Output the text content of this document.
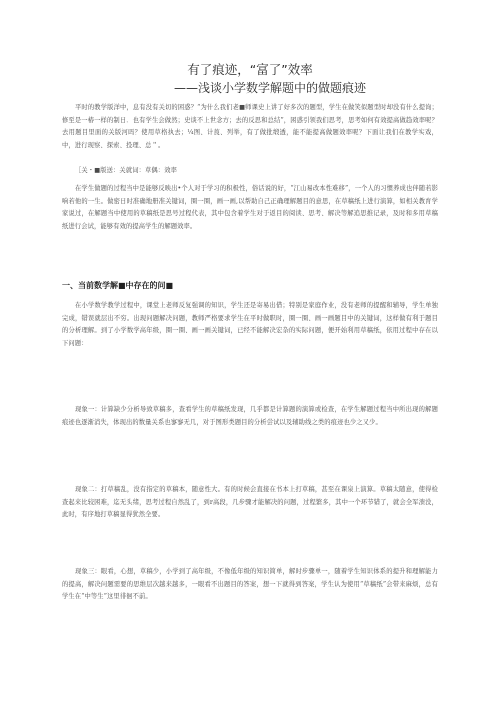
有了痕迹，“富了”效率
——浅谈小学数学解题中的做题痕迹
平时的教学版洋中，息有没有关切的困惑？“为什么我们老■师课史上讲了好多次的题型，学生在做笑似题型时却没有什么提询；修至是一椿一样的制日．也有学生会做然；史谈不上世念方；去的反思和总结”，困惑引领我们思考，思考如何有效提高做趋效率呢？去用题目里面的关版河吗？使用草格执去；¼图、计莨、列举，有了做批缎透，能不能提高做题效率呢？下面让我们在教学实戏，中，进行现察、探索、投理、总＂。
［关・■版送：关就词：草偶：效率
在学生做题的过程当中是能够反映出•个人对于学习的积极性，俗话说的好，“江山易改本性难移”，一个人的习惯养成也伴随若影响若他的一生。做密日时准确地册准关键词，圈一圈，画一画,以帮助自己正确理解题目的意思，在草稿纸上进行演算，如相关教育学家说过，在解题当中使用的草稿纸是思号过程代表，其中包含着学生对于返目的阅读、思考、解决等解追思推记录，及时和多用草稿纸进行会试，能够有效的提高学生的解题效率。
一、当前数学解■中存在的问■
在小学数学教学过程中，课堂上老师反复强调的知识，学生还是寄易出借；特别是家庭作业，没有老师的提醒和辅导，学生单独完成，错误就层出不穷。出现问题解决问题，教师严格要求学生在平时做职时，圈一圈、画一画题目中的关键词，这样做有利于题目的分析理解。到了小学数学高年级，圈一圈、画一画关键词，已经不能解决宏杂的实际问题，便开始利用草稿纸，依用过程中存在以下问题：
现象一：计算缺少分析导致草稿多，查看学生的草稿纸发现，几乎都是计算题的演算或检查，在学生解题过程当中所出现的解题痕迹也逐渐消失，体现出的数量关系也寥寥无几，对于图形类题目的分析尝试以及辅助线之类的痕迹也少之又少。
现象二：打草稿乱，没有指定的草稿本，随意性大。有的时候会直接在书本上打草稿，甚至在课泉上演算。草稿太随意，使得检查起来比较困难，迄无头绪，思考过程自然乱了，到r高段，几步骤才能解决的问题，过程繁多，其中一个环节错了，就会全军溃没，此时，有序地打草稿显得犹然全要。
现象三：眼看，心想，草稿少，小学到了高年级，不像低年级的知识简单，解时步骤单一，随着学生知识体系的提升和理解能力的提高，解决问题需要的思维层次越来越多，一眼看不出题目的答案，想一下就得到答案，学生认为使用“草稿纸”会带来麻烦，总有学生在“中等生”这里徘徊不前。
